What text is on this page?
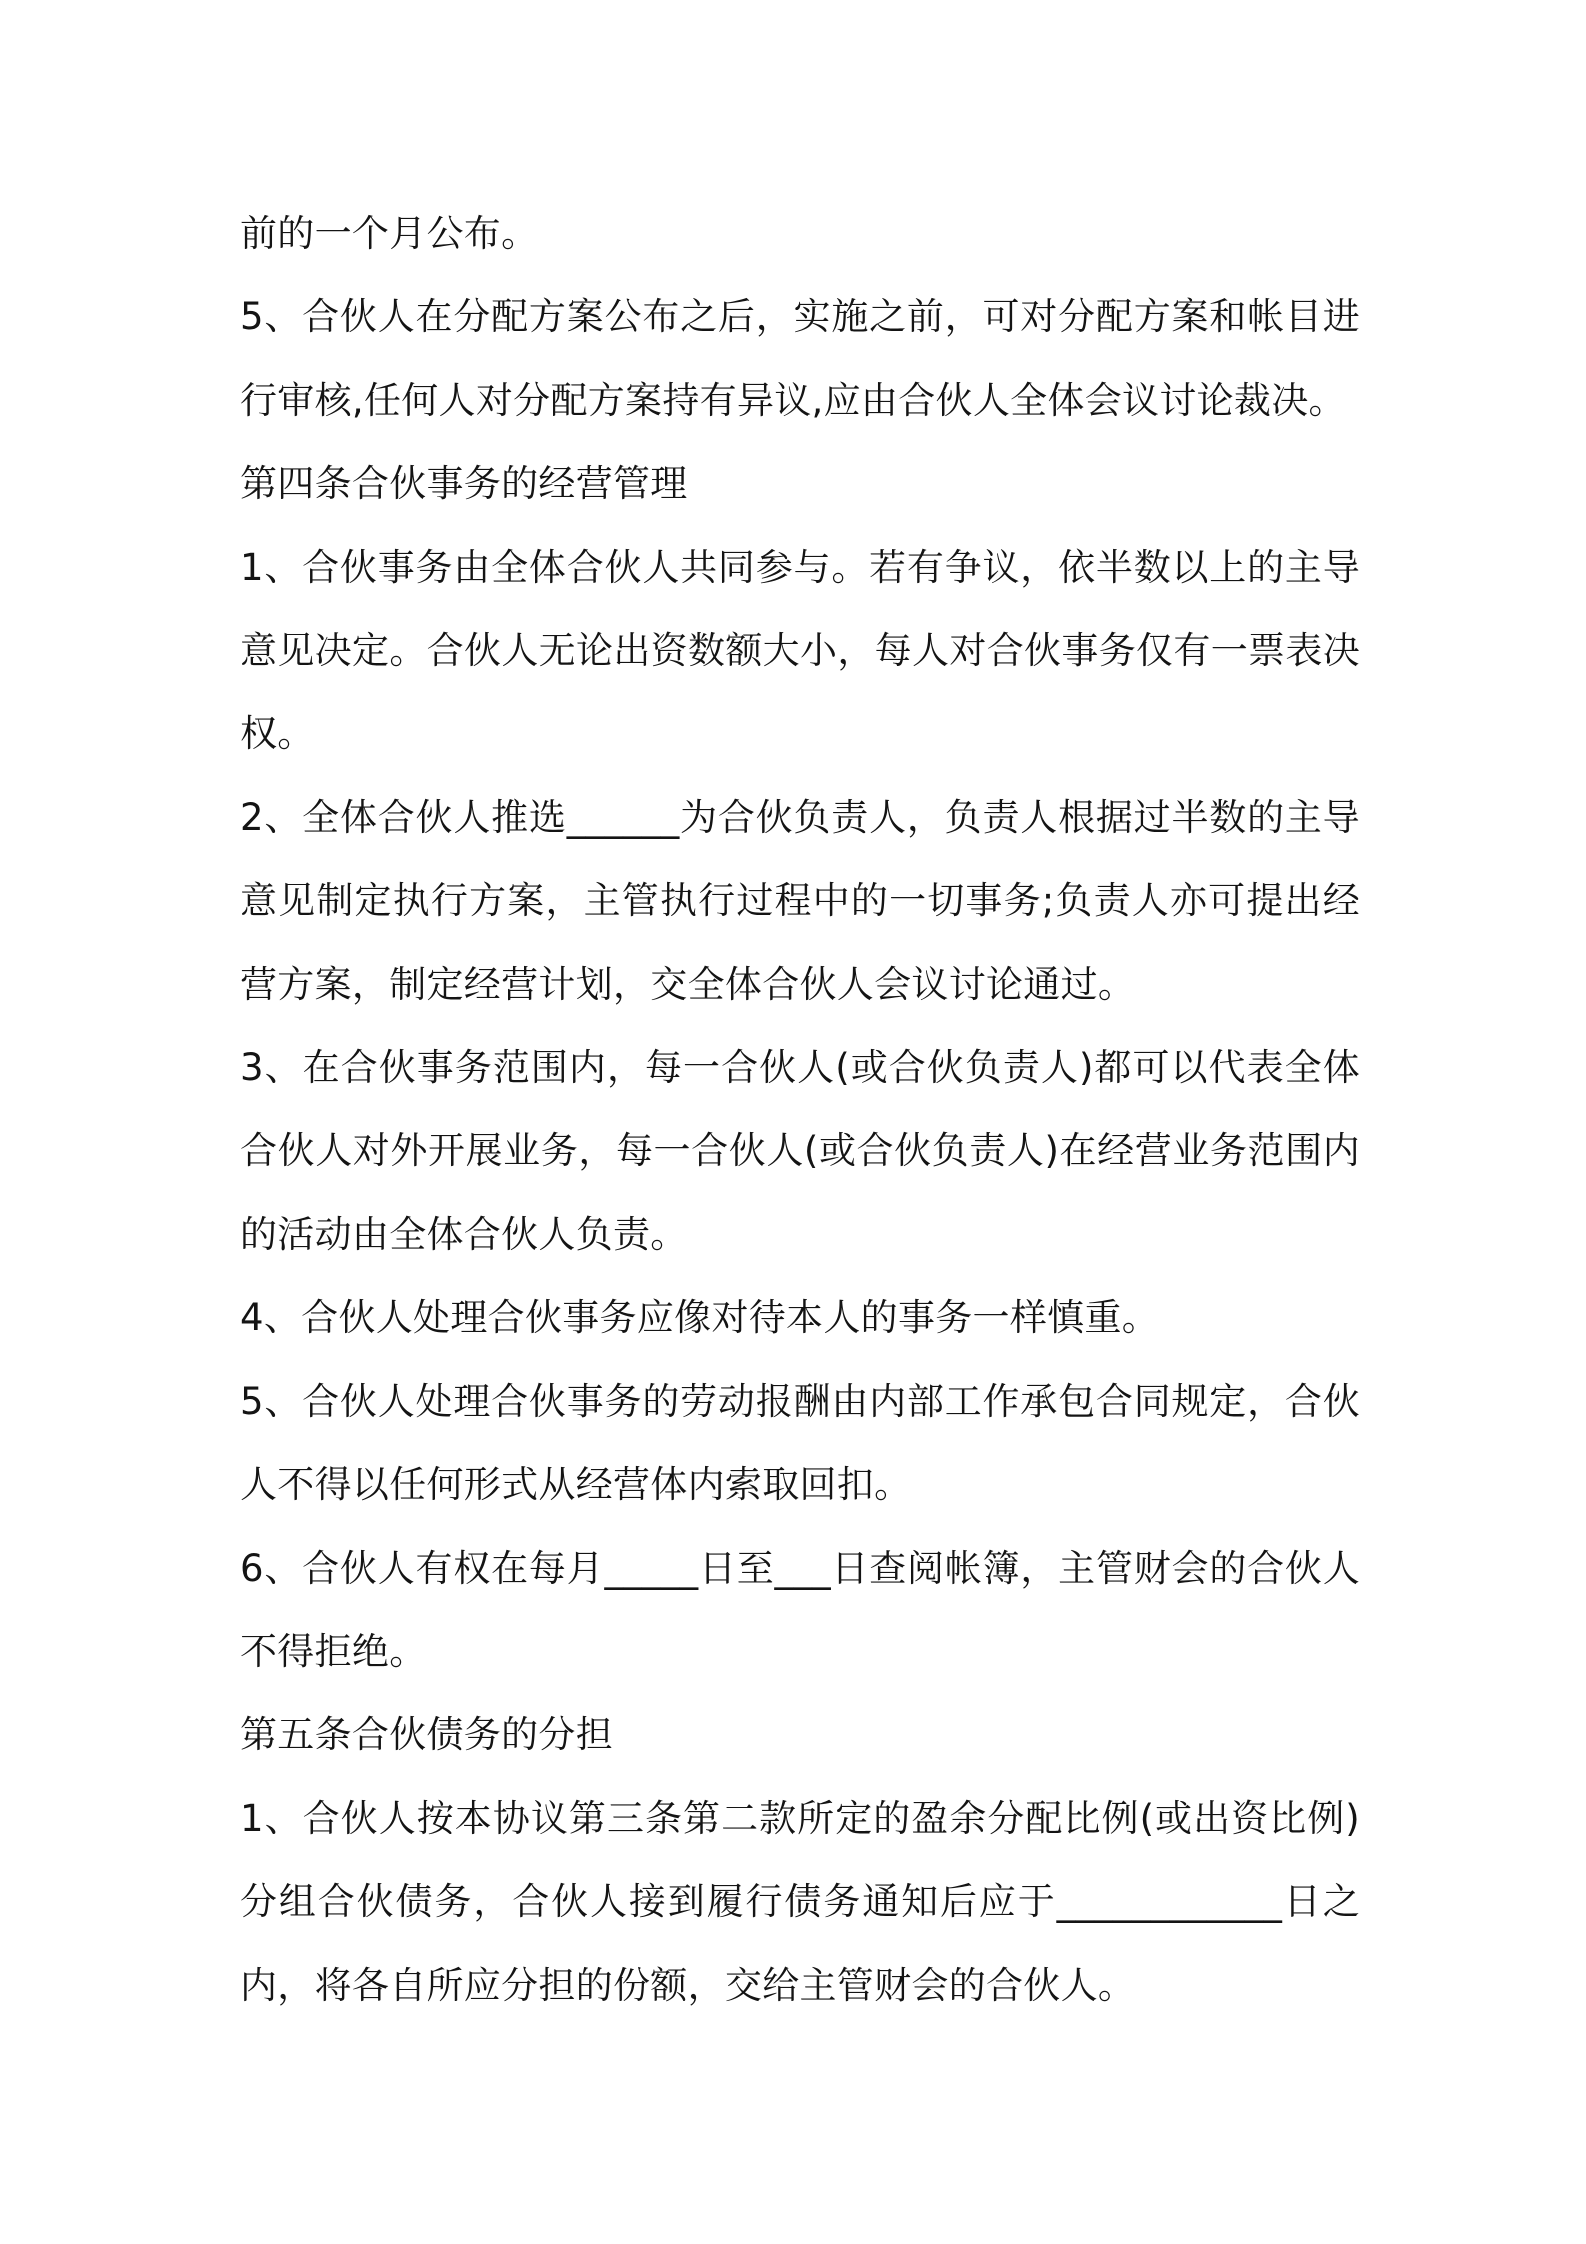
前的一个月公布。

5、合伙人在分配方案公布之后，实施之前，可对分配方案和帐目进行审核,任何人对分配方案持有异议,应由合伙人全体会议讨论裁决。

第四条合伙事务的经营管理

1、合伙事务由全体合伙人共同参与。若有争议，依半数以上的主导意见决定。合伙人无论出资数额大小，每人对合伙事务仅有一票表决权。

2、全体合伙人推选______为合伙负责人，负责人根据过半数的主导意见制定执行方案，主管执行过程中的一切事务;负责人亦可提出经营方案，制定经营计划，交全体合伙人会议讨论通过。

3、在合伙事务范围内，每一合伙人(或合伙负责人)都可以代表全体合伙人对外开展业务，每一合伙人(或合伙负责人)在经营业务范围内的活动由全体合伙人负责。

4、合伙人处理合伙事务应像对待本人的事务一样慎重。

5、合伙人处理合伙事务的劳动报酬由内部工作承包合同规定，合伙人不得以任何形式从经营体内索取回扣。

6、合伙人有权在每月_____日至___日查阅帐簿，主管财会的合伙人不得拒绝。

第五条合伙债务的分担

1、合伙人按本协议第三条第二款所定的盈余分配比例(或出资比例)分组合伙债务，合伙人接到履行债务通知后应于____________日之内，将各自所应分担的份额，交给主管财会的合伙人。
